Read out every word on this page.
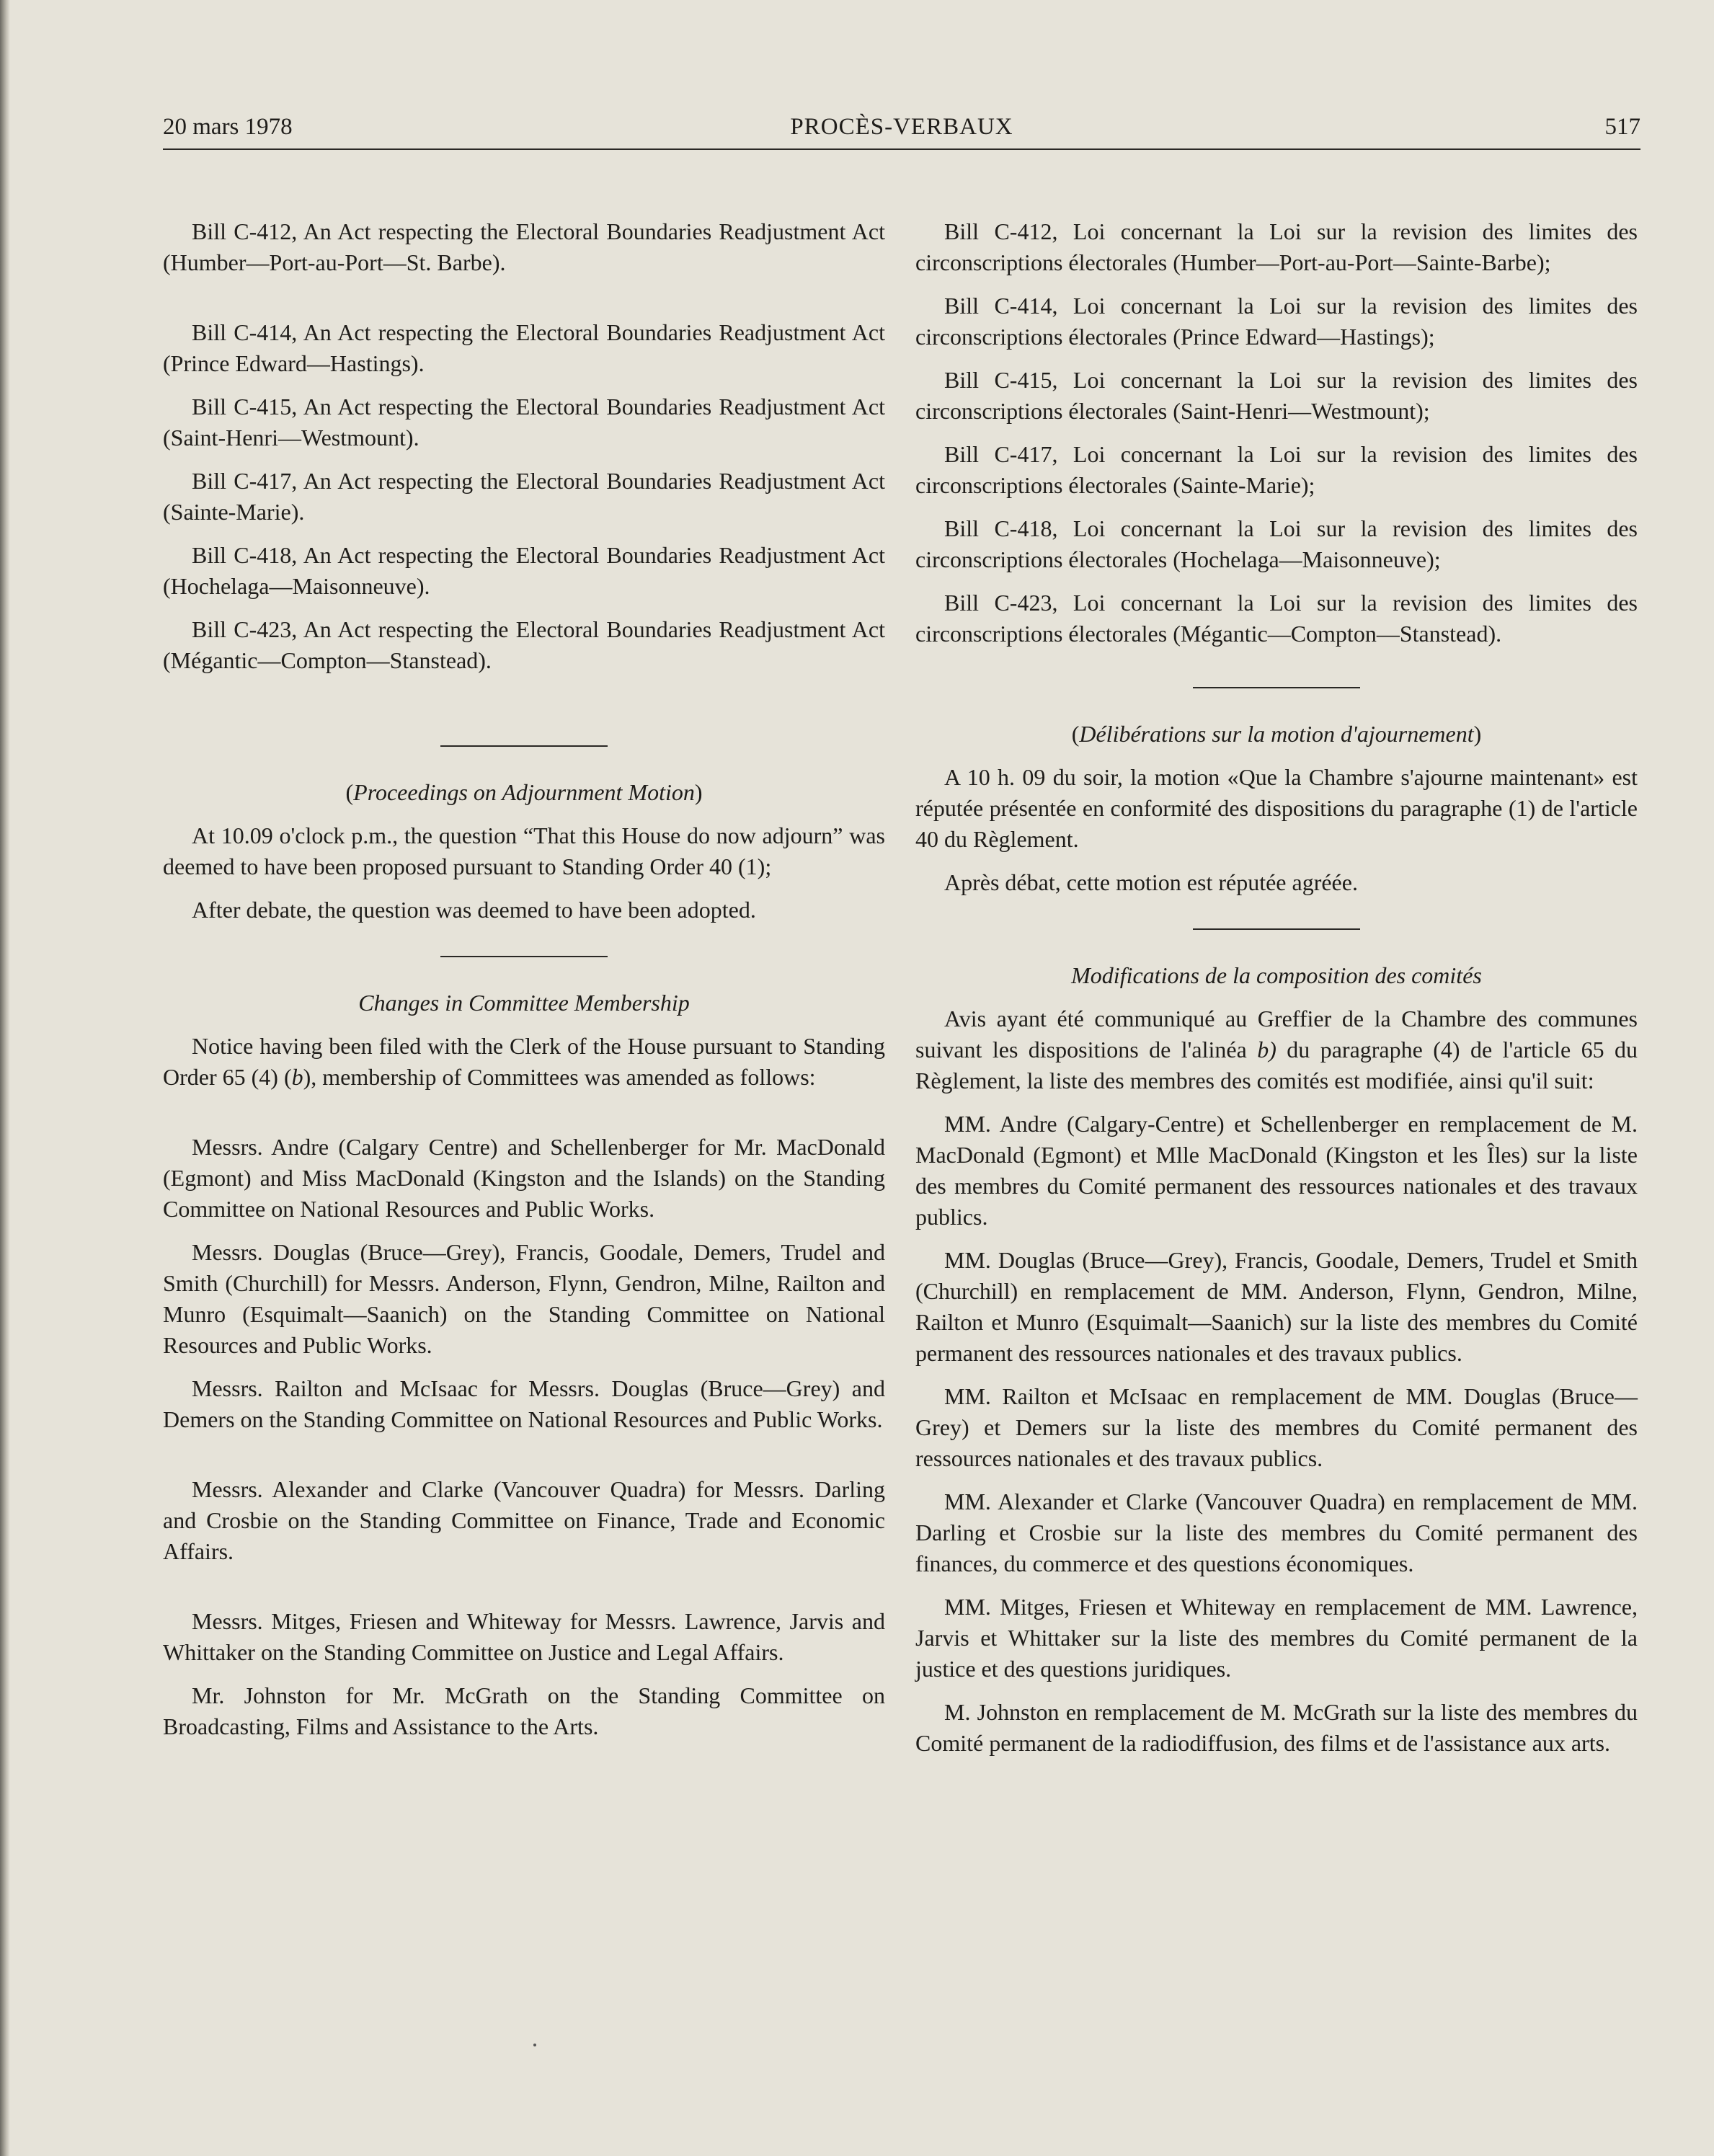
20 mars 1978	PROCÈS-VERBAUX	517

Bill C-412, An Act respecting the Electoral Boundaries Readjustment Act (Humber—Port-au-Port—St. Barbe).

Bill C-414, An Act respecting the Electoral Boundaries Readjustment Act (Prince Edward—Hastings).

Bill C-415, An Act respecting the Electoral Boundaries Readjustment Act (Saint-Henri—Westmount).

Bill C-417, An Act respecting the Electoral Boundaries Readjustment Act (Sainte-Marie).

Bill C-418, An Act respecting the Electoral Boundaries Readjustment Act (Hochelaga—Maisonneuve).

Bill C-423, An Act respecting the Electoral Boundaries Readjustment Act (Mégantic—Compton—Stanstead).

(Proceedings on Adjournment Motion)

At 10.09 o'clock p.m., the question “That this House do now adjourn” was deemed to have been proposed pursuant to Standing Order 40 (1);

After debate, the question was deemed to have been adopted.

Changes in Committee Membership

Notice having been filed with the Clerk of the House pursuant to Standing Order 65 (4) (b), membership of Committees was amended as follows:

Messrs. Andre (Calgary Centre) and Schellenberger for Mr. MacDonald (Egmont) and Miss MacDonald (Kingston and the Islands) on the Standing Committee on National Resources and Public Works.

Messrs. Douglas (Bruce—Grey), Francis, Goodale, Demers, Trudel and Smith (Churchill) for Messrs. Anderson, Flynn, Gendron, Milne, Railton and Munro (Esquimalt—Saanich) on the Standing Committee on National Resources and Public Works.

Messrs. Railton and McIsaac for Messrs. Douglas (Bruce—Grey) and Demers on the Standing Committee on National Resources and Public Works.

Messrs. Alexander and Clarke (Vancouver Quadra) for Messrs. Darling and Crosbie on the Standing Committee on Finance, Trade and Economic Affairs.

Messrs. Mitges, Friesen and Whiteway for Messrs. Lawrence, Jarvis and Whittaker on the Standing Committee on Justice and Legal Affairs.

Mr. Johnston for Mr. McGrath on the Standing Committee on Broadcasting, Films and Assistance to the Arts.

Bill C-412, Loi concernant la Loi sur la revision des limites des circonscriptions électorales (Humber—Port-au-Port—Sainte-Barbe);

Bill C-414, Loi concernant la Loi sur la revision des limites des circonscriptions électorales (Prince Edward—Hastings);

Bill C-415, Loi concernant la Loi sur la revision des limites des circonscriptions électorales (Saint-Henri—Westmount);

Bill C-417, Loi concernant la Loi sur la revision des limites des circonscriptions électorales (Sainte-Marie);

Bill C-418, Loi concernant la Loi sur la revision des limites des circonscriptions électorales (Hochelaga—Maisonneuve);

Bill C-423, Loi concernant la Loi sur la revision des limites des circonscriptions électorales (Mégantic—Compton—Stanstead).

(Délibérations sur la motion d'ajournement)

A 10 h. 09 du soir, la motion «Que la Chambre s'ajourne maintenant» est réputée présentée en conformité des dispositions du paragraphe (1) de l'article 40 du Règlement.

Après débat, cette motion est réputée agréée.

Modifications de la composition des comités

Avis ayant été communiqué au Greffier de la Chambre des communes suivant les dispositions de l'alinéa b) du paragraphe (4) de l'article 65 du Règlement, la liste des membres des comités est modifiée, ainsi qu'il suit:

MM. Andre (Calgary-Centre) et Schellenberger en remplacement de M. MacDonald (Egmont) et Mlle MacDonald (Kingston et les Îles) sur la liste des membres du Comité permanent des ressources nationales et des travaux publics.

MM. Douglas (Bruce—Grey), Francis, Goodale, Demers, Trudel et Smith (Churchill) en remplacement de MM. Anderson, Flynn, Gendron, Milne, Railton et Munro (Esquimalt—Saanich) sur la liste des membres du Comité permanent des ressources nationales et des travaux publics.

MM. Railton et McIsaac en remplacement de MM. Douglas (Bruce—Grey) et Demers sur la liste des membres du Comité permanent des ressources nationales et des travaux publics.

MM. Alexander et Clarke (Vancouver Quadra) en remplacement de MM. Darling et Crosbie sur la liste des membres du Comité permanent des finances, du commerce et des questions économiques.

MM. Mitges, Friesen et Whiteway en remplacement de MM. Lawrence, Jarvis et Whittaker sur la liste des membres du Comité permanent de la justice et des questions juridiques.

M. Johnston en remplacement de M. McGrath sur la liste des membres du Comité permanent de la radiodiffusion, des films et de l'assistance aux arts.
